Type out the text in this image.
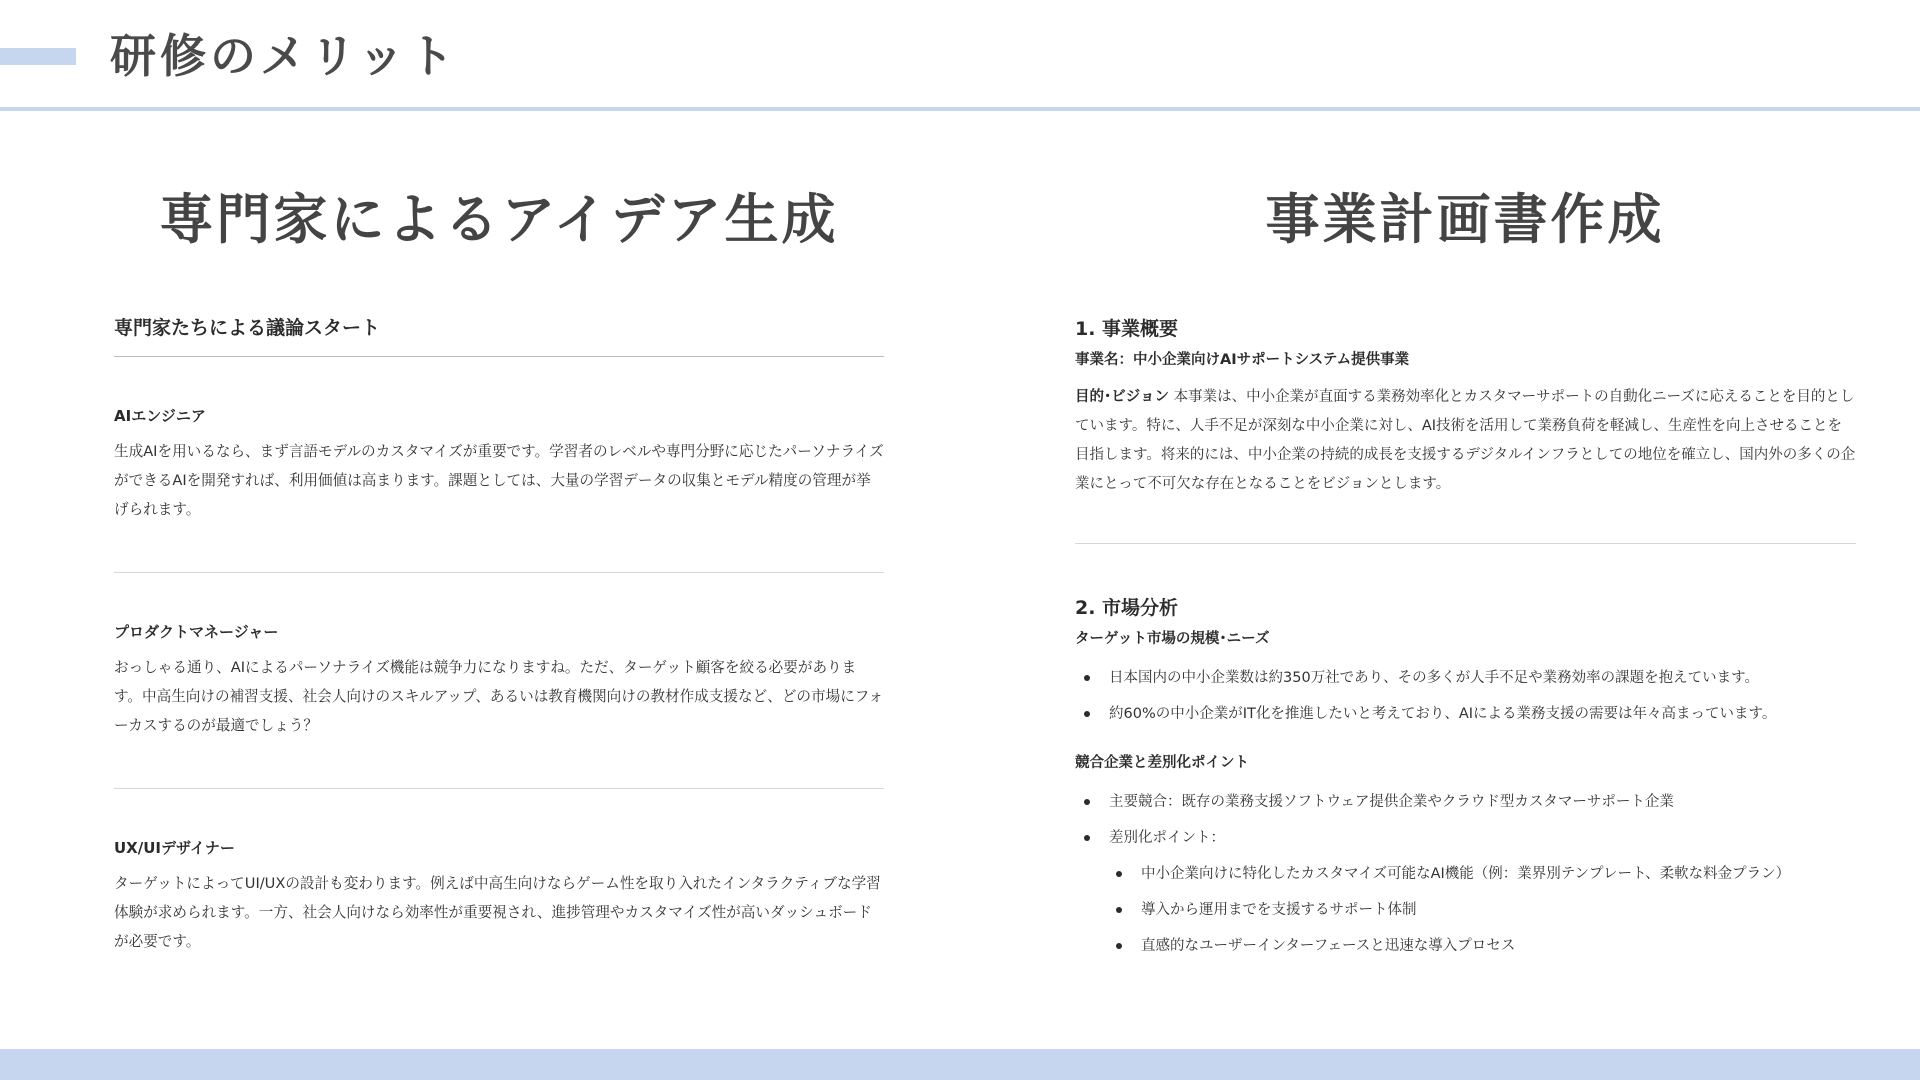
研修のメリット
専門家によるアイデア生成	事業計画書作成
専門家たちによる議論スタート
AIエンジニア
生成AIを用いるなら、まず言語モデルのカスタマイズが重要です。学習者のレベルや専門分野に応じたパーソナライズができるAIを開発すれば、利用価値は高まります。課題としては、大量の学習データの収集とモデル精度の管理が挙げられます。
プロダクトマネージャー
おっしゃる通り、AIによるパーソナライズ機能は競争力になりますね。ただ、ターゲット顧客を絞る必要があります。中高生向けの補習支援、社会人向けのスキルアップ、あるいは教育機関向けの教材作成支援など、どの市場にフォーカスするのが最適でしょう？
UX/UIデザイナー
ターゲットによってUI/UXの設計も変わります。例えば中高生向けならゲーム性を取り入れたインタラクティブな学習体験が求められます。一方、社会人向けなら効率性が重要視され、進捗管理やカスタマイズ性が高いダッシュボードが必要です。
1. 事業概要
事業名：中小企業向けAIサポートシステム提供事業
目的･ビジョン 本事業は、中小企業が直面する業務効率化とカスタマーサポートの自動化ニーズに応えることを目的としています。特に、人手不足が深刻な中小企業に対し、AI技術を活用して業務負荷を軽減し、生産性を向上させることを目指します。将来的には、中小企業の持続的成長を支援するデジタルインフラとしての地位を確立し、国内外の多くの企業にとって不可欠な存在となることをビジョンとします。
2. 市場分析
ターゲット市場の規模･ニーズ
日本国内の中小企業数は約350万社であり、その多くが人手不足や業務効率の課題を抱えています。
約60%の中小企業がIT化を推進したいと考えており、AIによる業務支援の需要は年々高まっています。
競合企業と差別化ポイント
主要競合：既存の業務支援ソフトウェア提供企業やクラウド型カスタマーサポート企業
差別化ポイント：
中小企業向けに特化したカスタマイズ可能なAI機能（例：業界別テンプレート、柔軟な料金プラン）
導入から運用までを支援するサポート体制
直感的なユーザーインターフェースと迅速な導入プロセス
